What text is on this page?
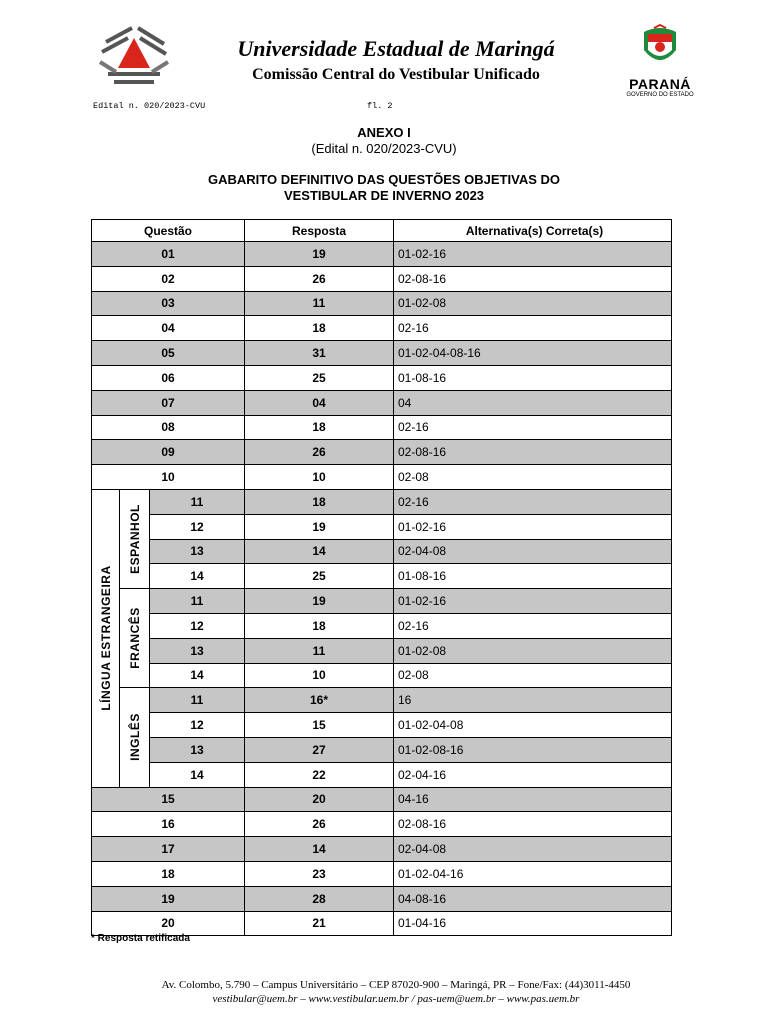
Universidade Estadual de Maringá
Comissão Central do Vestibular Unificado
PARANÁ
GOVERNO DO ESTADO
Edital n. 020/2023-CVU	fl. 2
ANEXO I
(Edital n. 020/2023-CVU)
GABARITO DEFINITIVO DAS QUESTÕES OBJETIVAS DO
VESTIBULAR DE INVERNO 2023
Questão	Resposta	Alternativa(s) Correta(s)
01	19	01-02-16
02	26	02-08-16
03	11	01-02-08
04	18	02-16
05	31	01-02-04-08-16
06	25	01-08-16
07	04	04
08	18	02-16
09	26	02-08-16
10	10	02-08
11	18	02-16
12	19	01-02-16
13	14	02-04-08
14	25	01-08-16
ESPANHOL
11	19	01-02-16
12	18	02-16
13	11	01-02-08
14	10	02-08
FRANCÊS
11	16*	16
12	15	01-02-04-08
13	27	01-02-08-16
14	22	02-04-16
INGLÊS
LÍNGUA ESTRANGEIRA
15	20	04-16
16	26	02-08-16
17	14	02-04-08
18	23	01-02-04-16
19	28	04-08-16
20	21	01-04-16
* Resposta retificada
Av. Colombo, 5.790 – Campus Universitário – CEP 87020-900 – Maringá, PR – Fone/Fax: (44)3011-4450
vestibular@uem.br – www.vestibular.uem.br / pas-uem@uem.br – www.pas.uem.br
